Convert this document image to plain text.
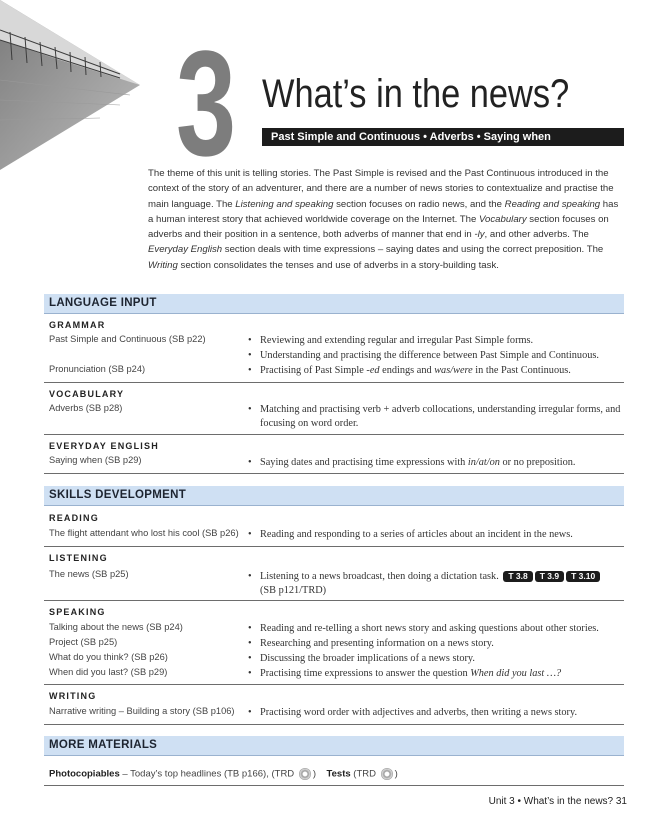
3 What’s in the news?
Past Simple and Continuous • Adverbs • Saying when
The theme of this unit is telling stories. The Past Simple is revised and the Past Continuous introduced in the context of the story of an adventurer, and there are a number of news stories to contextualize and practise the main language. The Listening and speaking section focuses on radio news, and the Reading and speaking has a human interest story that achieved worldwide coverage on the Internet. The Vocabulary section focuses on adverbs and their position in a sentence, both adverbs of manner that end in -ly, and other adverbs. The Everyday English section deals with time expressions – saying dates and using the correct preposition. The Writing section consolidates the tenses and use of adverbs in a story-building task.
LANGUAGE INPUT
GRAMMAR
Past Simple and Continuous (SB p22)	• Reviewing and extending regular and irregular Past Simple forms.
• Understanding and practising the difference between Past Simple and Continuous.
Pronunciation (SB p24)	• Practising of Past Simple -ed endings and was/were in the Past Continuous.
VOCABULARY
Adverbs (SB p28)	• Matching and practising verb + adverb collocations, understanding irregular forms, and focusing on word order.
EVERYDAY ENGLISH
Saying when (SB p29)	• Saying dates and practising time expressions with in/at/on or no preposition.
SKILLS DEVELOPMENT
READING
The flight attendant who lost his cool (SB p26) • Reading and responding to a series of articles about an incident in the news.
LISTENING
The news (SB p25)	• Listening to a news broadcast, then doing a dictation task. T 3.8 T 3.9 T 3.10
(SB p121/TRD)
SPEAKING
Talking about the news (SB p24)	• Reading and re-telling a short news story and asking questions about other stories.
Project (SB p25)	• Researching and presenting information on a news story.
What do you think? (SB p26)	• Discussing the broader implications of a news story.
When did you last? (SB p29)	• Practising time expressions to answer the question When did you last …?
WRITING
Narrative writing – Building a story (SB p106) • Practising word order with adjectives and adverbs, then writing a news story.
MORE MATERIALS
Photocopiables – Today’s top headlines (TB p166), (TRD ) Tests (TRD )
Unit 3 • What’s in the news? 31
